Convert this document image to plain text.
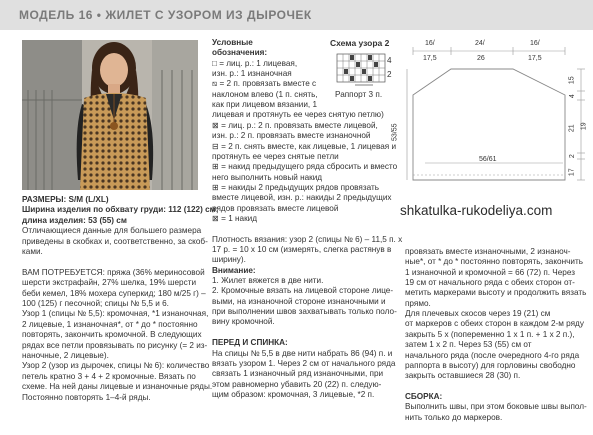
МОДЕЛЬ 16 • ЖИЛЕТ С УЗОРОМ ИЗ ДЫРОЧЕК
РАЗМЕРЫ: S/M (L/XL)
Ширина изделия по обхвату груди: 112 (122) см;
длина изделия: 53 (55) см
Отличающиеся данные для большего размера
приведены в скобках и, соответственно, за скоб-
ками.
ВАМ ПОТРЕБУЕТСЯ: пряжа (36% мериносовой
шерсти экстрафайн, 27% шелка, 19% шерсти
беби кемел, 18% мохера суперкид; 180 м/25 г) –
100 (125) г песочной; спицы № 5,5 и 6.
Узор 1 (спицы № 5,5): кромочная, *1 изнаночная,
2 лицевые, 1 изнаночная*, от * до * постоянно
повторять, закончить кромочной. В следующих
рядах все петли провязывать по рисунку (= 2 из-
наночные, 2 лицевые).
Узор 2 (узор из дырочек, спицы № 6): количество
петель кратно 3 + 4 + 2 кромочные. Вязать по
схеме. На ней даны лицевые и изнаночные ряды.
Постоянно повторять 1–4-й ряды.
Условные
обозначения:
□ = лиц. р.: 1 лицевая,
изн. р.: 1 изнаночная
⧅ = 2 п. провязать вместе с
наклоном влево (1 п. снять,
как при лицевом вязании, 1
лицевая и протянуть ее через снятую петлю)
⊠ = лиц. р.: 2 п. провязать вместе лицевой,
изн. р.: 2 п. провязать вместе изнаночной
⊟ = 2 п. снять вместе, как лицевые, 1 лицевая и
протянуть ее через снятые петли
⊞ = накид предыдущего ряда сбросить и вместо
него выполнить новый накид
⊞ = накиды 2 предыдущих рядов провязать
вместе лицевой, изн. р.: накиды 2 предыдущих
рядов провязать вместе лицевой
⊠ = 1 накид
Плотность вязания: узор 2 (спицы № 6) – 11,5 п. х
17 р. = 10 х 10 см (измерять, слегка растянув в
ширину).
Внимание:
1. Жилет вяжется в две нити.
2. Кромочные вязать на лицевой стороне лице-
выми, на изнаночной стороне изнаночными и
при выполнении швов захватывать только поло-
вину кромочной.
ПЕРЕД И СПИНКА:
На спицы № 5,5 в две нити набрать 86 (94) п. и
вязать узором 1. Через 2 см от начального ряда
связать 1 изнаночный ряд изнаночными, при
этом равномерно убавить 20 (22) п. следую-
щим образом: кромочная, 3 лицевые, *2 п.
провязать вместе изнаночными, 2 изнаноч-
ные*, от * до * постоянно повторять, закончить
1 изнаночной и кромочной = 66 (72) п. Через
19 см от начального ряда с обеих сторон от-
метить маркерами высоту и продолжить вязать
прямо.
Для плечевых скосов через 19 (21) см
от маркеров с обеих сторон в каждом 2-м ряду
закрыть 5 х (попеременно 1 х 1 п. + 1 х 2 п.),
затем 1 х 2 п. Через 53 (55) см от
начального ряда (после очередного 4-го ряда
раппорта в высоту) для горловины свободно
закрыть оставшиеся 28 (30) п.
СБОРКА:
Выполнить швы, при этом боковые швы выпол-
нить только до маркеров.
Схема узора 2
4
2
Раппорт 3 п.
16/	24/	16/
17,5	26	17,5
53/55
15
4
21 19
2
17
56/61
shkatulka-rukodeliya.com
